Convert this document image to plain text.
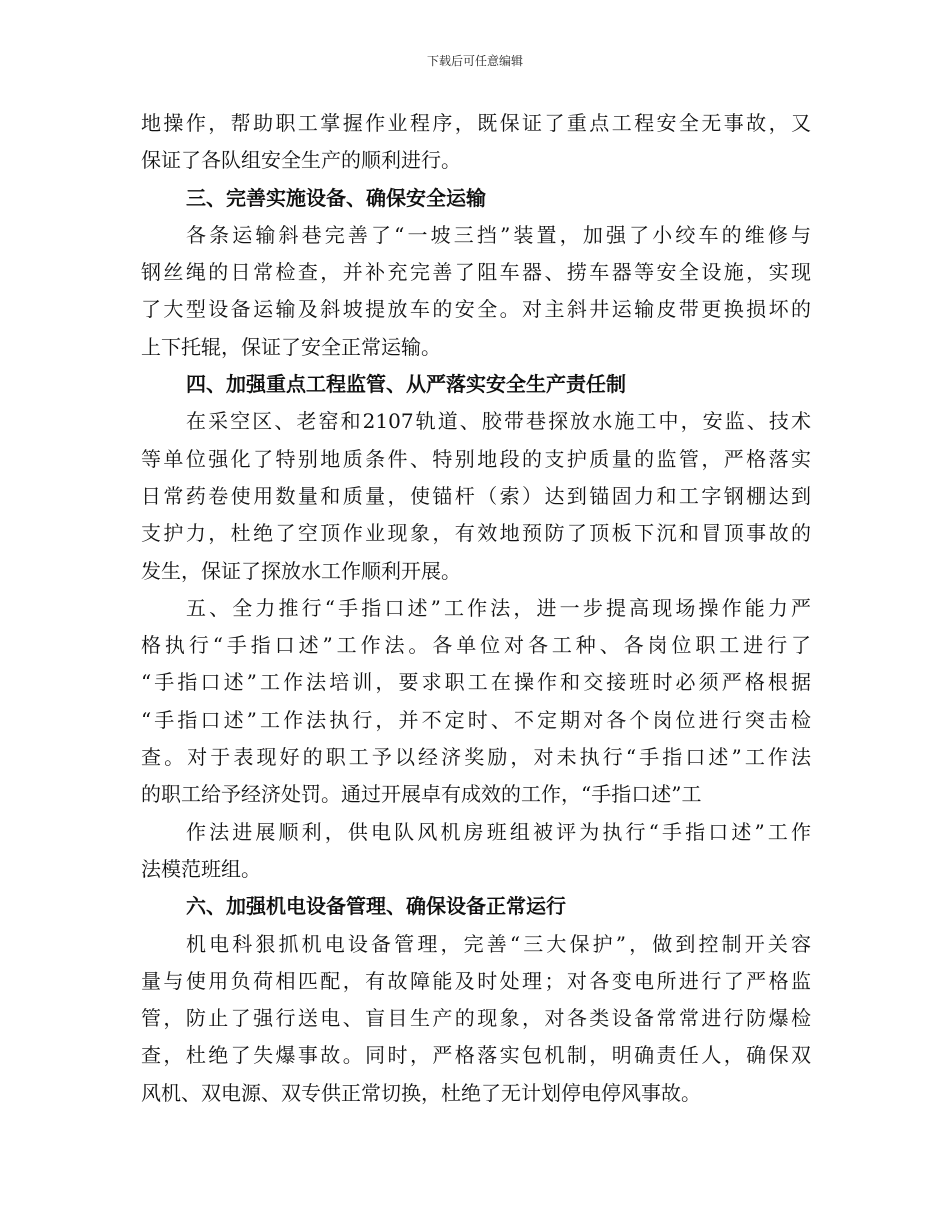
下载后可任意编辑
地操作，帮助职工掌握作业程序，既保证了重点工程安全无事故，又
保证了各队组安全生产的顺利进行。
三、完善实施设备、确保安全运输
各条运输斜巷完善了“一坡三挡”装置，加强了小绞车的维修与
钢丝绳的日常检查，并补充完善了阻车器、捞车器等安全设施，实现
了大型设备运输及斜坡提放车的安全。对主斜井运输皮带更换损坏的
上下托辊，保证了安全正常运输。
四、加强重点工程监管、从严落实安全生产责任制
在采空区、老窑和2107轨道、胶带巷探放水施工中，安监、技术
等单位强化了特别地质条件、特别地段的支护质量的监管，严格落实
日常药卷使用数量和质量，使锚杆（索）达到锚固力和工字钢棚达到
支护力，杜绝了空顶作业现象，有效地预防了顶板下沉和冒顶事故的
发生，保证了探放水工作顺利开展。
五、全力推行“手指口述”工作法，进一步提高现场操作能力严
格执行“手指口述”工作法。各单位对各工种、各岗位职工进行了
“手指口述”工作法培训，要求职工在操作和交接班时必须严格根据
“手指口述”工作法执行，并不定时、不定期对各个岗位进行突击检
查。对于表现好的职工予以经济奖励，对未执行“手指口述”工作法
的职工给予经济处罚。通过开展卓有成效的工作，“手指口述”工
作法进展顺利，供电队风机房班组被评为执行“手指口述”工作
法模范班组。
六、加强机电设备管理、确保设备正常运行
机电科狠抓机电设备管理，完善“三大保护”，做到控制开关容
量与使用负荷相匹配，有故障能及时处理；对各变电所进行了严格监
管，防止了强行送电、盲目生产的现象，对各类设备常常进行防爆检
查，杜绝了失爆事故。同时，严格落实包机制，明确责任人，确保双
风机、双电源、双专供正常切换，杜绝了无计划停电停风事故。
